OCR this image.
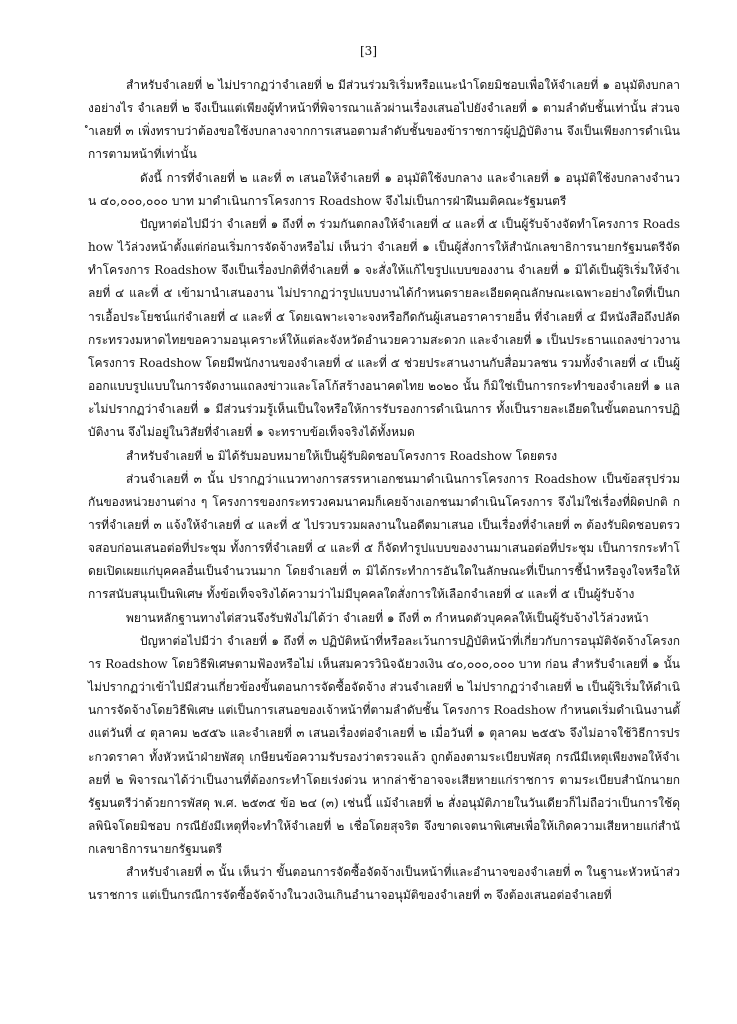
[3]

สำหรับจำเลยที่ ๒ ไม่ปรากฏว่าจำเลยที่ ๒ มีส่วนร่วมริเริ่มหรือแนะนำโดยมิชอบเพื่อให้จำเลยที่ ๑ อนุมัติงบกลางอย่างไร จำเลยที่ ๒ จึงเป็นแต่เพียงผู้ทำหน้าที่พิจารณาแล้วผ่านเรื่องเสนอไปยังจำเลยที่ ๑ ตามลำดับชั้นเท่านั้น ส่วนจำเลยที่ ๓ เพิ่งทราบว่าต้องขอใช้งบกลางจากการเสนอตามลำดับชั้นของข้าราชการผู้ปฏิบัติงาน จึงเป็นเพียงการดำเนินการตามหน้าที่เท่านั้น

ดังนี้ การที่จำเลยที่ ๒ และที่ ๓ เสนอให้จำเลยที่ ๑ อนุมัติใช้งบกลาง และจำเลยที่ ๑ อนุมัติใช้งบกลางจำนวน ๔๐,๐๐๐,๐๐๐ บาท มาดำเนินการโครงการ Roadshow จึงไม่เป็นการฝ่าฝืนมติคณะรัฐมนตรี

ปัญหาต่อไปมีว่า จำเลยที่ ๑ ถึงที่ ๓ ร่วมกันตกลงให้จำเลยที่ ๔ และที่ ๕ เป็นผู้รับจ้างจัดทำโครงการ Roadshow ไว้ล่วงหน้าตั้งแต่ก่อนเริ่มการจัดจ้างหรือไม่ เห็นว่า จำเลยที่ ๑ เป็นผู้สั่งการให้สำนักเลขาธิการนายกรัฐมนตรีจัดทำโครงการ Roadshow จึงเป็นเรื่องปกติที่จำเลยที่ ๑ จะสั่งให้แก้ไขรูปแบบของงาน จำเลยที่ ๑ มิได้เป็นผู้ริเริ่มให้จำเลยที่ ๔ และที่ ๕ เข้ามานำเสนองาน ไม่ปรากฏว่ารูปแบบงานได้กำหนดรายละเอียดคุณลักษณะเฉพาะอย่างใดที่เป็นการเอื้อประโยชน์แก่จำเลยที่ ๔ และที่ ๕ โดยเฉพาะเจาะจงหรือกีดกันผู้เสนอราคารายอื่น ที่จำเลยที่ ๔ มีหนังสือถึงปลัดกระทรวงมหาดไทยขอความอนุเคราะห์ให้แต่ละจังหวัดอำนวยความสะดวก และจำเลยที่ ๑ เป็นประธานแถลงข่าวงานโครงการ Roadshow โดยมีพนักงานของจำเลยที่ ๔ และที่ ๕ ช่วยประสานงานกับสื่อมวลชน รวมทั้งจำเลยที่ ๔ เป็นผู้ออกแบบรูปแบบในการจัดงานแถลงข่าวและโลโก้สร้างอนาคตไทย ๒๐๒๐ นั้น ก็มิใช่เป็นการกระทำของจำเลยที่ ๑ และไม่ปรากฏว่าจำเลยที่ ๑ มีส่วนร่วมรู้เห็นเป็นใจหรือให้การรับรองการดำเนินการ ทั้งเป็นรายละเอียดในขั้นตอนการปฏิบัติงาน จึงไม่อยู่ในวิสัยที่จำเลยที่ ๑ จะทราบข้อเท็จจริงได้ทั้งหมด

สำหรับจำเลยที่ ๒ มิได้รับมอบหมายให้เป็นผู้รับผิดชอบโครงการ Roadshow โดยตรง

ส่วนจำเลยที่ ๓ นั้น ปรากฏว่าแนวทางการสรรหาเอกชนมาดำเนินการโครงการ Roadshow เป็นข้อสรุปร่วมกันของหน่วยงานต่าง ๆ โครงการของกระทรวงคมนาคมก็เคยจ้างเอกชนมาดำเนินโครงการ จึงไม่ใช่เรื่องที่ผิดปกติ การที่จำเลยที่ ๓ แจ้งให้จำเลยที่ ๔ และที่ ๕ ไปรวบรวมผลงานในอดีตมาเสนอ เป็นเรื่องที่จำเลยที่ ๓ ต้องรับผิดชอบตรวจสอบก่อนเสนอต่อที่ประชุม ทั้งการที่จำเลยที่ ๔ และที่ ๕ ก็จัดทำรูปแบบของงานมาเสนอต่อที่ประชุม เป็นการกระทำโดยเปิดเผยแก่บุคคลอื่นเป็นจำนวนมาก โดยจำเลยที่ ๓ มิได้กระทำการอันใดในลักษณะที่เป็นการชี้นำหรือจูงใจหรือให้การสนับสนุนเป็นพิเศษ ทั้งข้อเท็จจริงได้ความว่าไม่มีบุคคลใดสั่งการให้เลือกจำเลยที่ ๔ และที่ ๕ เป็นผู้รับจ้าง

พยานหลักฐานทางไต่สวนจึงรับฟังไม่ได้ว่า จำเลยที่ ๑ ถึงที่ ๓ กำหนดตัวบุคคลให้เป็นผู้รับจ้างไว้ล่วงหน้า

ปัญหาต่อไปมีว่า จำเลยที่ ๑ ถึงที่ ๓ ปฏิบัติหน้าที่หรือละเว้นการปฏิบัติหน้าที่เกี่ยวกับการอนุมัติจัดจ้างโครงการ Roadshow โดยวิธีพิเศษตามฟ้องหรือไม่ เห็นสมควรวินิจฉัยวงเงิน ๔๐,๐๐๐,๐๐๐ บาท ก่อน สำหรับจำเลยที่ ๑ นั้น ไม่ปรากฏว่าเข้าไปมีส่วนเกี่ยวข้องขั้นตอนการจัดซื้อจัดจ้าง ส่วนจำเลยที่ ๒ ไม่ปรากฏว่าจำเลยที่ ๒ เป็นผู้ริเริ่มให้ดำเนินการจัดจ้างโดยวิธีพิเศษ แต่เป็นการเสนอของเจ้าหน้าที่ตามลำดับชั้น โครงการ Roadshow กำหนดเริ่มดำเนินงานตั้งแต่วันที่ ๔ ตุลาคม ๒๕๕๖ และจำเลยที่ ๓ เสนอเรื่องต่อจำเลยที่ ๒ เมื่อวันที่ ๑ ตุลาคม ๒๕๕๖ จึงไม่อาจใช้วิธีการประกวดราคา ทั้งหัวหน้าฝ่ายพัสดุ เกษียนข้อความรับรองว่าตรวจแล้ว ถูกต้องตามระเบียบพัสดุ กรณีมีเหตุเพียงพอให้จำเลยที่ ๒ พิจารณาได้ว่าเป็นงานที่ต้องกระทำโดยเร่งด่วน หากล่าช้าอาจจะเสียหายแก่ราชการ ตามระเบียบสำนักนายกรัฐมนตรีว่าด้วยการพัสดุ พ.ศ. ๒๕๓๕ ข้อ ๒๔ (๓) เช่นนี้ แม้จำเลยที่ ๒ สั่งอนุมัติภายในวันเดียวก็ไม่ถือว่าเป็นการใช้ดุลพินิจโดยมิชอบ กรณียังมีเหตุที่จะทำให้จำเลยที่ ๒ เชื่อโดยสุจริต จึงขาดเจตนาพิเศษเพื่อให้เกิดความเสียหายแก่สำนักเลขาธิการนายกรัฐมนตรี

สำหรับจำเลยที่ ๓ นั้น เห็นว่า ขั้นตอนการจัดซื้อจัดจ้างเป็นหน้าที่และอำนาจของจำเลยที่ ๓ ในฐานะหัวหน้าส่วนราชการ แต่เป็นกรณีการจัดซื้อจัดจ้างในวงเงินเกินอำนาจอนุมัติของจำเลยที่ ๓ จึงต้องเสนอต่อจำเลยที่
